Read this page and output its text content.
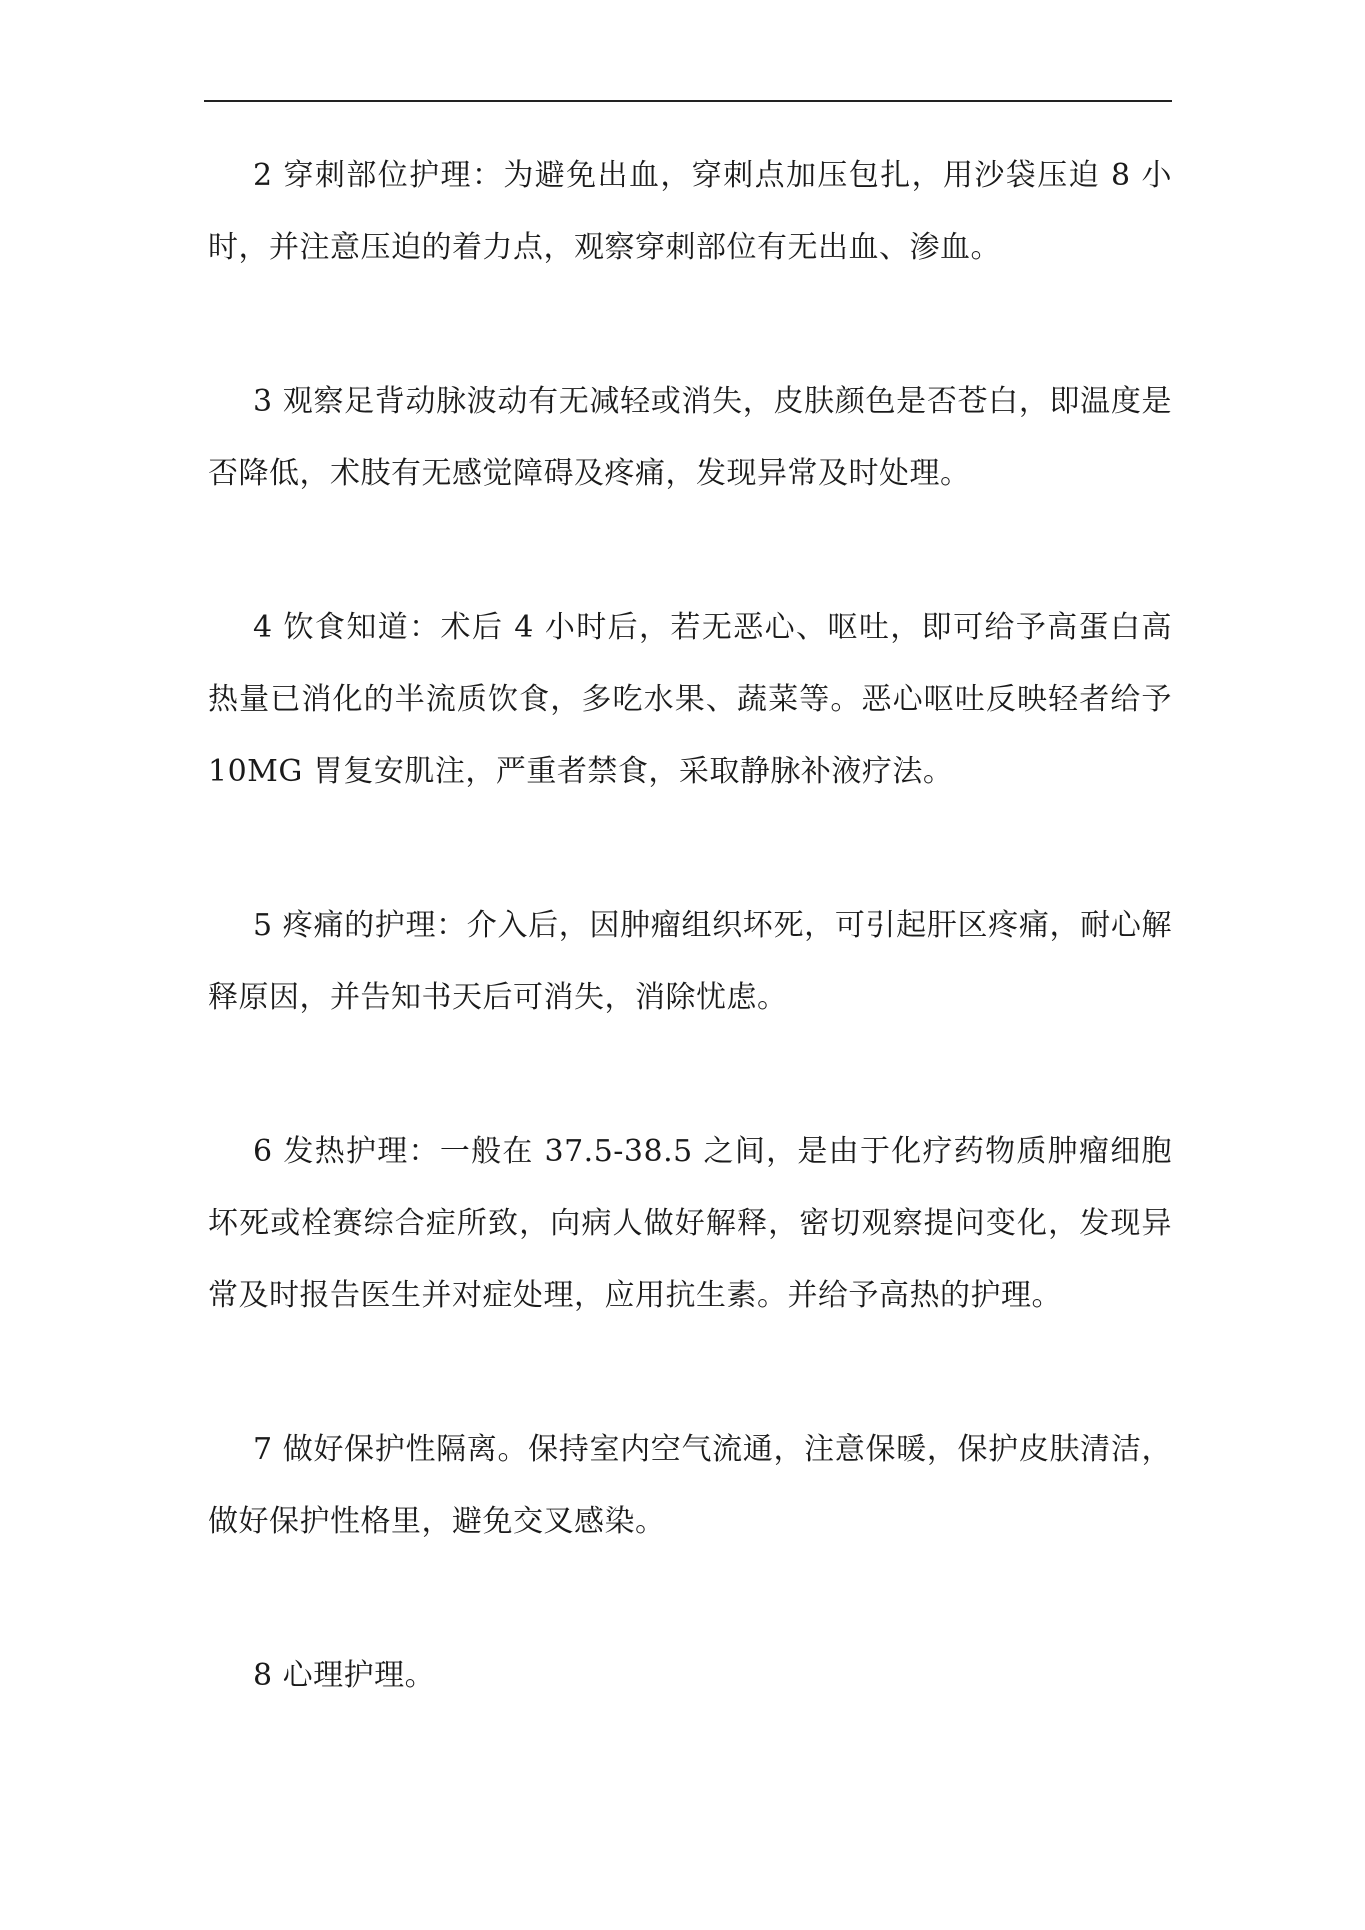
2 穿刺部位护理：为避免出血，穿刺点加压包扎，用沙袋压迫 8 小时，并注意压迫的着力点，观察穿刺部位有无出血、渗血。

3 观察足背动脉波动有无减轻或消失，皮肤颜色是否苍白，即温度是否降低，术肢有无感觉障碍及疼痛，发现异常及时处理。

4 饮食知道：术后 4 小时后，若无恶心、呕吐，即可给予高蛋白高热量已消化的半流质饮食，多吃水果、蔬菜等。恶心呕吐反映轻者给予 10MG 胃复安肌注，严重者禁食，采取静脉补液疗法。

5 疼痛的护理：介入后，因肿瘤组织坏死，可引起肝区疼痛，耐心解释原因，并告知书天后可消失，消除忧虑。

6 发热护理：一般在 37.5-38.5 之间，是由于化疗药物质肿瘤细胞坏死或栓赛综合症所致，向病人做好解释，密切观察提问变化，发现异常及时报告医生并对症处理，应用抗生素。并给予高热的护理。

7 做好保护性隔离。保持室内空气流通，注意保暖，保护皮肤清洁，做好保护性格里，避免交叉感染。

8 心理护理。
